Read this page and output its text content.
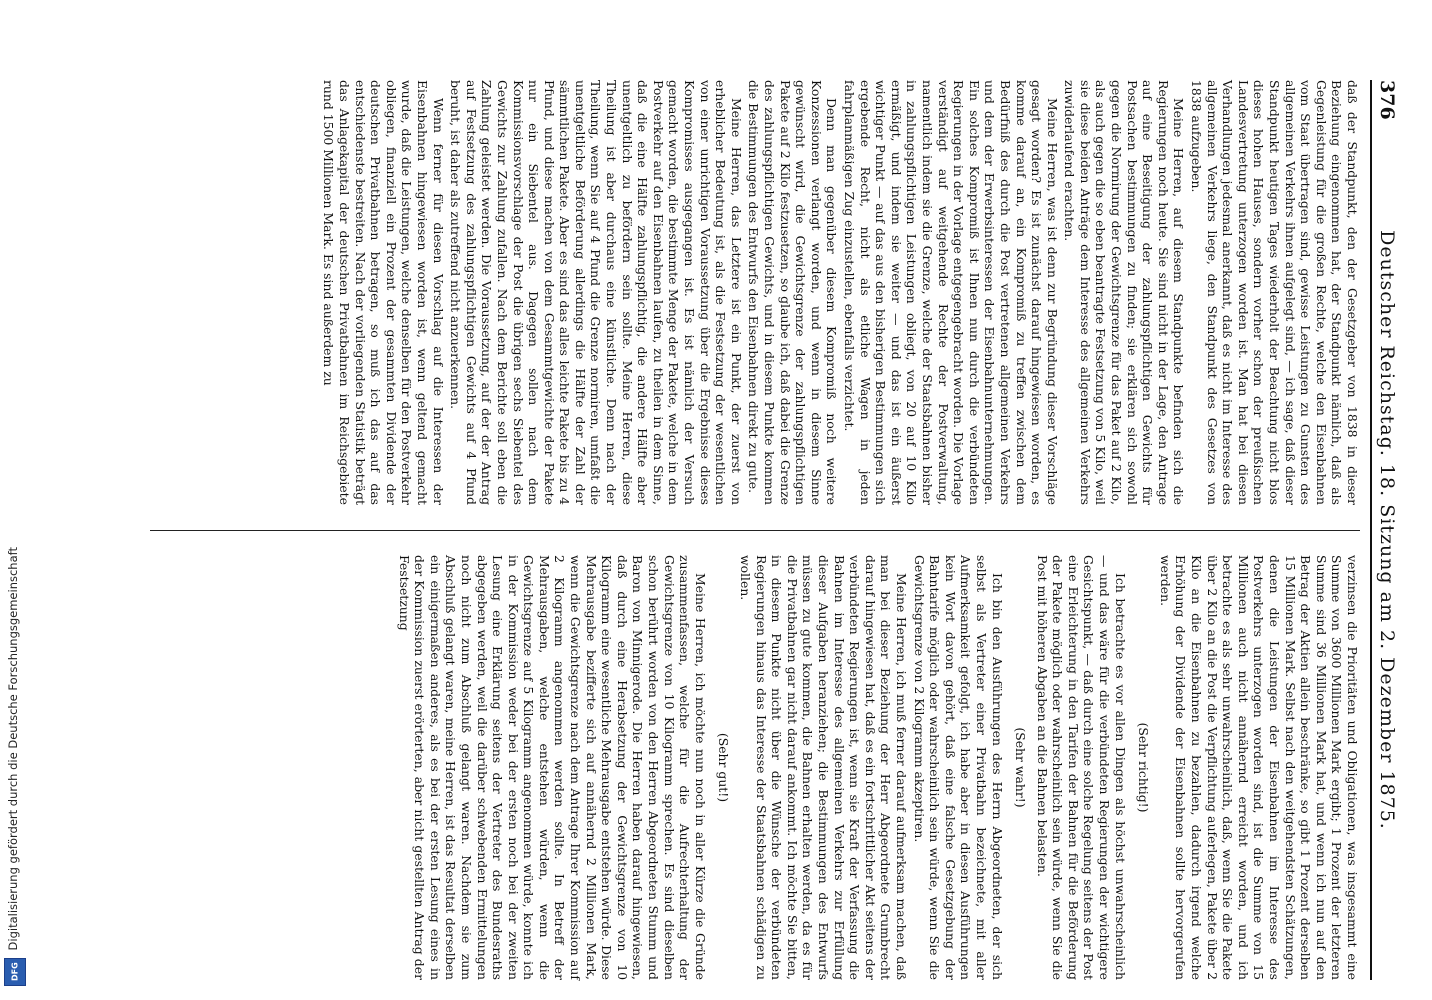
376
Deutscher Reichstag. 18. Sitzung am 2. Dezember 1875.

daß der Standpunkt, den der Gesetzgeber von 1838 in dieser Beziehung eingenommen hat, der Standpunkt nämlich, daß als Gegenleistung für die großen Rechte, welche den Eisenbahnen vom Staat übertragen sind, gewisse Leistungen zu Gunsten des allgemeinen Verkehrs ihnen aufgelegt sind, — ich sage, daß dieser Standpunkt heutigen Tages wiederholt der Beachtung nicht blos dieses hohen Hauses, sondern vorher schon der preußischen Landesvertretung unterzogen worden ist. Man hat bei diesen Verhandlungen jedesmal anerkannt, daß es nicht im Interesse des allgemeinen Verkehrs liege, den Standpunkt des Gesetzes von 1838 aufzugeben.

Meine Herren, auf diesem Standpunkte befinden sich die Regierungen noch heute. Sie sind nicht in der Lage, den Antrage auf eine Beseitigung der zahlungspflichtigen Gewichts für Postsachen bestimmungen zu finden; sie erklären sich sowohl gegen die Normirung der Gewichtsgrenze für das Paket auf 2 Kilo, als auch gegen die so eben beantragte Festsetzung von 5 Kilo, weil sie diese beiden Anträge dem Interesse des allgemeinen Verkehrs zuwiderlaufend erachten.

Meine Herren, was ist denn zur Begründung dieser Vorschläge gesagt worden? Es ist zunächst darauf hingewiesen worden, es komme darauf an, ein Kompromiß zu treffen zwischen dem Bedürfniß des durch die Post vertretenen allgemeinen Verkehrs und dem der Erwerbsinteressen der Eisenbahnunternehmungen. Ein solches Kompromiß ist Ihnen nun durch die verbündeten Regierungen in der Vorlage entgegengebracht worden. Die Vorlage verständigt auf weitgehende Rechte der Postverwaltung, namentlich indem sie die Grenze, welche der Staatsbahnen bisher in zahlungspflichtigen Leistungen obliegt, von 20 auf 10 Kilo ermäßigt, und indem sie weiter — und das ist ein äußerst wichtiger Punkt — auf das aus den bisherigen Bestimmungen sich ergebende Recht, nicht als etliche Wagen in jeden fahrplanmäßigen Zug einzustellen, ebenfalls verzichtet.

Denn man gegenüber diesem Kompromiß noch weitere Konzessionen verlangt worden, und wenn in diesem Sinne gewünscht wird, die Gewichtsgrenze der zahlungspflichtigen Pakete auf 2 Kilo festzusetzen, so glaube ich, daß dabei die Grenze des zahlungspflichtigen Gewichts, und in diesem Punkte kommen die Bestimmungen des Entwurfs den Eisenbahnen direkt zu gute.

Meine Herren, das Letztere ist ein Punkt, der zuerst von erheblicher Bedeutung ist, als die Festsetzung der wesentlichen von einer unrichtigen Voraussetzung über die Ergebnisse dieses Kompromisses ausgegangen ist. Es ist nämlich der Versuch gemacht worden, die bestimmte Menge der Pakete, welche in dem Postverkehr auf den Eisenbahnen laufen, zu theilen in dem Sinne, daß die eine Hälfte zahlungspflichtig, die andere Hälfte aber unentgeltlich zu befördern sein sollte. Meine Herren, diese Theilung ist aber durchaus eine künstliche. Denn nach der Theilung, wenn Sie auf 4 Pfund die Grenze normiren, umfaßt die unentgeltliche Beförderung allerdings die Hälfte der Zahl der sämmtlichen Pakete. Aber es sind das alles leichte Pakete bis zu 4 Pfund, und diese machen von dem Gesammtgewichte der Pakete nur ein Siebentel aus. Dagegen sollen nach dem Kommissionsvorschlage der Post die übrigen sechs Siebentel des Gewichts zur Zahlung zufallen. Nach dem Berichte soll eben die Zahlung geleistet werden. Die Voraussetzung, auf der der Antrag auf Festsetzung des zahlungspflichtigen Gewichts auf 4 Pfund beruht, ist daher als zutreffend nicht anzuerkennen.

Wenn ferner für diesen Vorschlag auf die Interessen der Eisenbahnen hingewiesen worden ist, wenn geltend gemacht wurde, daß die Leistungen, welche denselben für den Postverkehr obliegen, finanziell ein Prozent der gesammten Dividende der deutschen Privatbahnen betragen, so muß ich das auf das entschiedenste bestreiten. Nach der vorliegenden Statistik beträgt das Anlagekapital der deutschen Privatbahnen im Reichsgebiete rund 1500 Millionen Mark. Es sind außerdem zu

verzinsen die Prioritäten und Obligationen, was insgesammt eine Summe von 3600 Millionen Mark ergibt; 1 Prozent der letzteren Summe sind 36 Millionen Mark hat, und wenn ich nun auf den Betrag der Aktien allein beschränke, so gibt 1 Prozent derselben 15 Millionen Mark. Selbst nach den weitgehendsten Schätzungen, denen die Leistungen der Eisenbahnen im Interesse des Postverkehrs unterzogen worden sind, ist die Summe von 15 Millionen auch nicht annähernd erreicht worden, und ich betrachte es als sehr unwahrscheinlich, daß, wenn Sie die Pakete über 2 Kilo an die Post die Verpflichtung auferlegen, Pakete über 2 Kilo an die Eisenbahnen zu bezahlen, dadurch irgend welche Erhöhung der Dividende der Eisenbahnen sollte hervorgerufen werden.

(Sehr richtig!)

Ich betrachte es vor allen Dingen als höchst unwahrscheinlich — und das wäre für die verbündeten Regierungen der wichtigere Gesichtspunkt, — daß durch eine solche Regelung seitens der Post eine Erleichterung in den Tarifen der Bahnen für die Beförderung der Pakete möglich oder wahrscheinlich sein würde, wenn Sie die Post mit höheren Abgaben an die Bahnen belasten.

(Sehr wahr!)

Ich bin den Ausführungen des Herrn Abgeordneten, der sich selbst als Vertreter einer Privatbahn bezeichnete, mit aller Aufmerksamkeit gefolgt, ich habe aber in diesen Ausführungen kein Wort davon gehört, daß eine falsche Gesetzgebung der Bahntarife möglich oder wahrscheinlich sein würde, wenn Sie die Gewichtsgrenze von 2 Kilogramm akzeptiren.

Meine Herren, ich muß ferner darauf aufmerksam machen, daß man bei dieser Beziehung der Herr Abgeordnete Grumbrecht darauf hingewiesen hat, daß es ein fortschrittlicher Akt seitens der verbündeten Regierungen ist, wenn sie Kraft der Verfassung die Bahnen im Interesse des allgemeinen Verkehrs zur Erfüllung dieser Aufgaben heranziehen; die Bestimmungen des Entwurfs müssen zu gute kommen, die Bahnen erhalten werden, da es für die Privatbahnen gar nicht darauf ankommt. Ich möchte Sie bitten, in diesem Punkte nicht über die Wünsche der verbündeten Regierungen hinaus das Interesse der Staatsbahnen schädigen zu wollen.

(Sehr gut!)

Meine Herren, ich möchte nun noch in aller Kürze die Gründe zusammenfassen, welche für die Aufrechterhaltung der Gewichtsgrenze von 10 Kilogramm sprechen. Es sind dieselben schon berührt worden von den Herren Abgeordneten Stumm und Baron von Minnigerode. Die Herren haben darauf hingewiesen, daß durch eine Herabsetzung der Gewichtsgrenze von 10 Kilogramm eine wesentliche Mehrausgabe entstehen würde. Diese Mehrausgabe bezifferte sich auf annähernd 2 Millionen Mark, wenn die Gewichtsgrenze nach dem Antrage Ihrer Kommission auf 2 Kilogramm angenommen werden sollte. In Betreff der Mehrausgaben, welche entstehen würden, wenn die Gewichtsgrenze auf 5 Kilogramm angenommen würde, konnte ich in der Kommission weder bei der ersten noch bei der zweiten Lesung eine Erklärung seitens der Vertreter des Bundesraths abgegeben werden, weil die darüber schwebenden Ermittelungen noch nicht zum Abschluß gelangt waren. Nachdem sie zum Abschluß gelangt waren, meine Herren, ist das Resultat derselben ein einigermaßen anderes, als es bei der ersten Lesung eines in der Kommission zuerst erörterten, aber nicht gestellten Antrag der Festsetzung

Digitalisierung gefördert durch die Deutsche Forschungsgemeinschaft
DFG
